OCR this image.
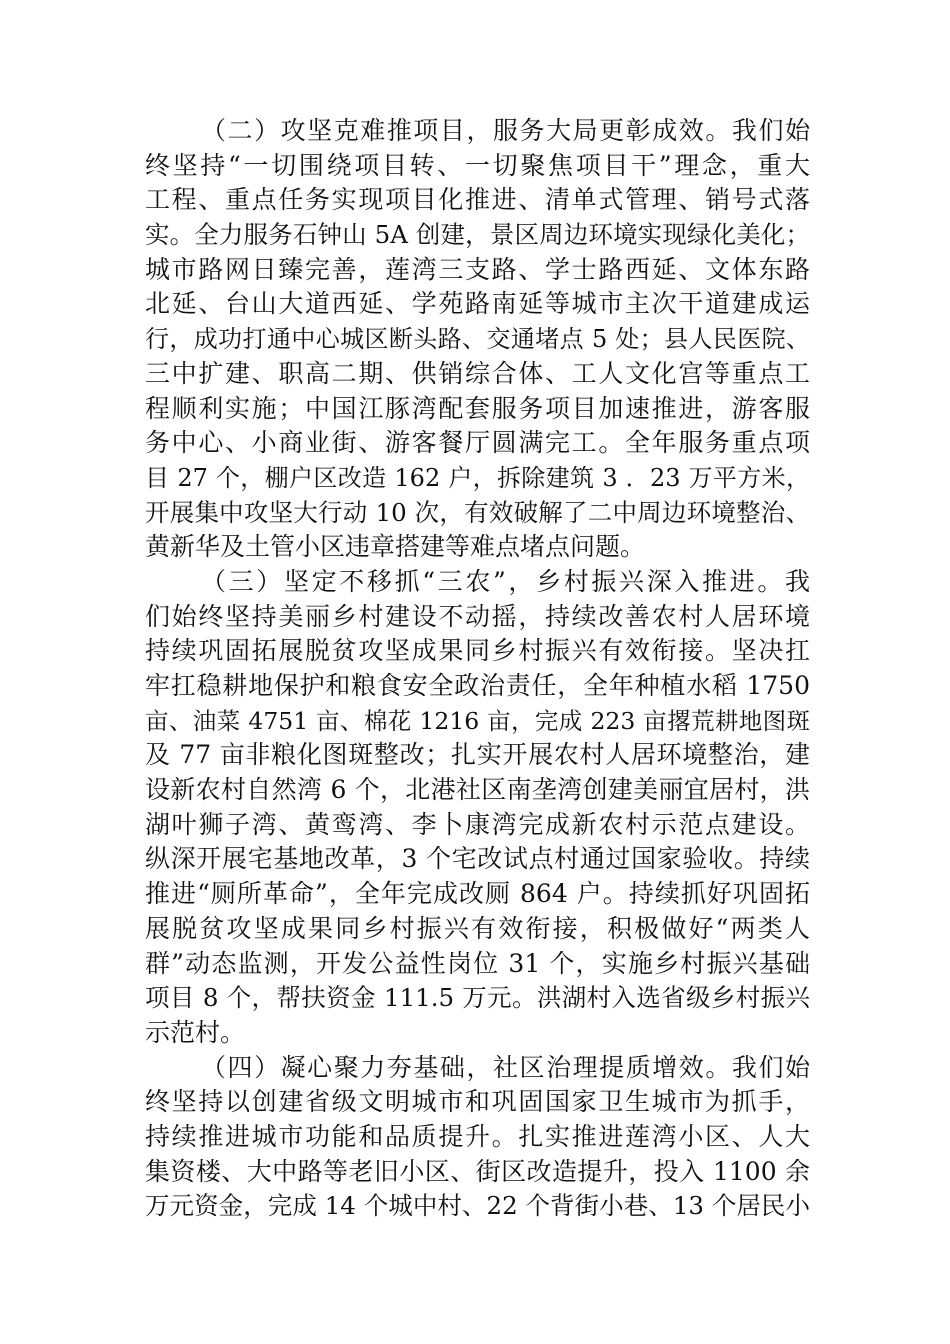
（二）攻坚克难推项目，服务大局更彰成效。我们始
终坚持“一切围绕项目转、一切聚焦项目干”理念，重大
工程、重点任务实现项目化推进、清单式管理、销号式落
实。全力服务石钟山 5A 创建，景区周边环境实现绿化美化；
城市路网日臻完善，莲湾三支路、学士路西延、文体东路
北延、台山大道西延、学苑路南延等城市主次干道建成运
行，成功打通中心城区断头路、交通堵点 5 处；县人民医院、
三中扩建、职高二期、供销综合体、工人文化宫等重点工
程顺利实施；中国江豚湾配套服务项目加速推进，游客服
务中心、小商业街、游客餐厅圆满完工。全年服务重点项
目 27 个，棚户区改造 162 户，拆除建筑 3 ．23 万平方米，
开展集中攻坚大行动 10 次，有效破解了二中周边环境整治、
黄新华及土管小区违章搭建等难点堵点问题。
（三）坚定不移抓“三农”，乡村振兴深入推进。我
们始终坚持美丽乡村建设不动摇，持续改善农村人居环境
持续巩固拓展脱贫攻坚成果同乡村振兴有效衔接。坚决扛
牢扛稳耕地保护和粮食安全政治责任，全年种植水稻 1750
亩、油菜 4751 亩、棉花 1216 亩，完成 223 亩撂荒耕地图斑
及 77 亩非粮化图斑整改；扎实开展农村人居环境整治，建
设新农村自然湾 6 个，北港社区南垄湾创建美丽宜居村，洪
湖叶狮子湾、黄鸾湾、李卜康湾完成新农村示范点建设。
纵深开展宅基地改革，3 个宅改试点村通过国家验收。持续
推进“厕所革命”，全年完成改厕 864 户。持续抓好巩固拓
展脱贫攻坚成果同乡村振兴有效衔接，积极做好“两类人
群”动态监测，开发公益性岗位 31 个，实施乡村振兴基础
项目 8 个，帮扶资金 111.5 万元。洪湖村入选省级乡村振兴
示范村。
（四）凝心聚力夯基础，社区治理提质增效。我们始
终坚持以创建省级文明城市和巩固国家卫生城市为抓手，
持续推进城市功能和品质提升。扎实推进莲湾小区、人大
集资楼、大中路等老旧小区、街区改造提升，投入 1100 余
万元资金，完成 14 个城中村、22 个背街小巷、13 个居民小
